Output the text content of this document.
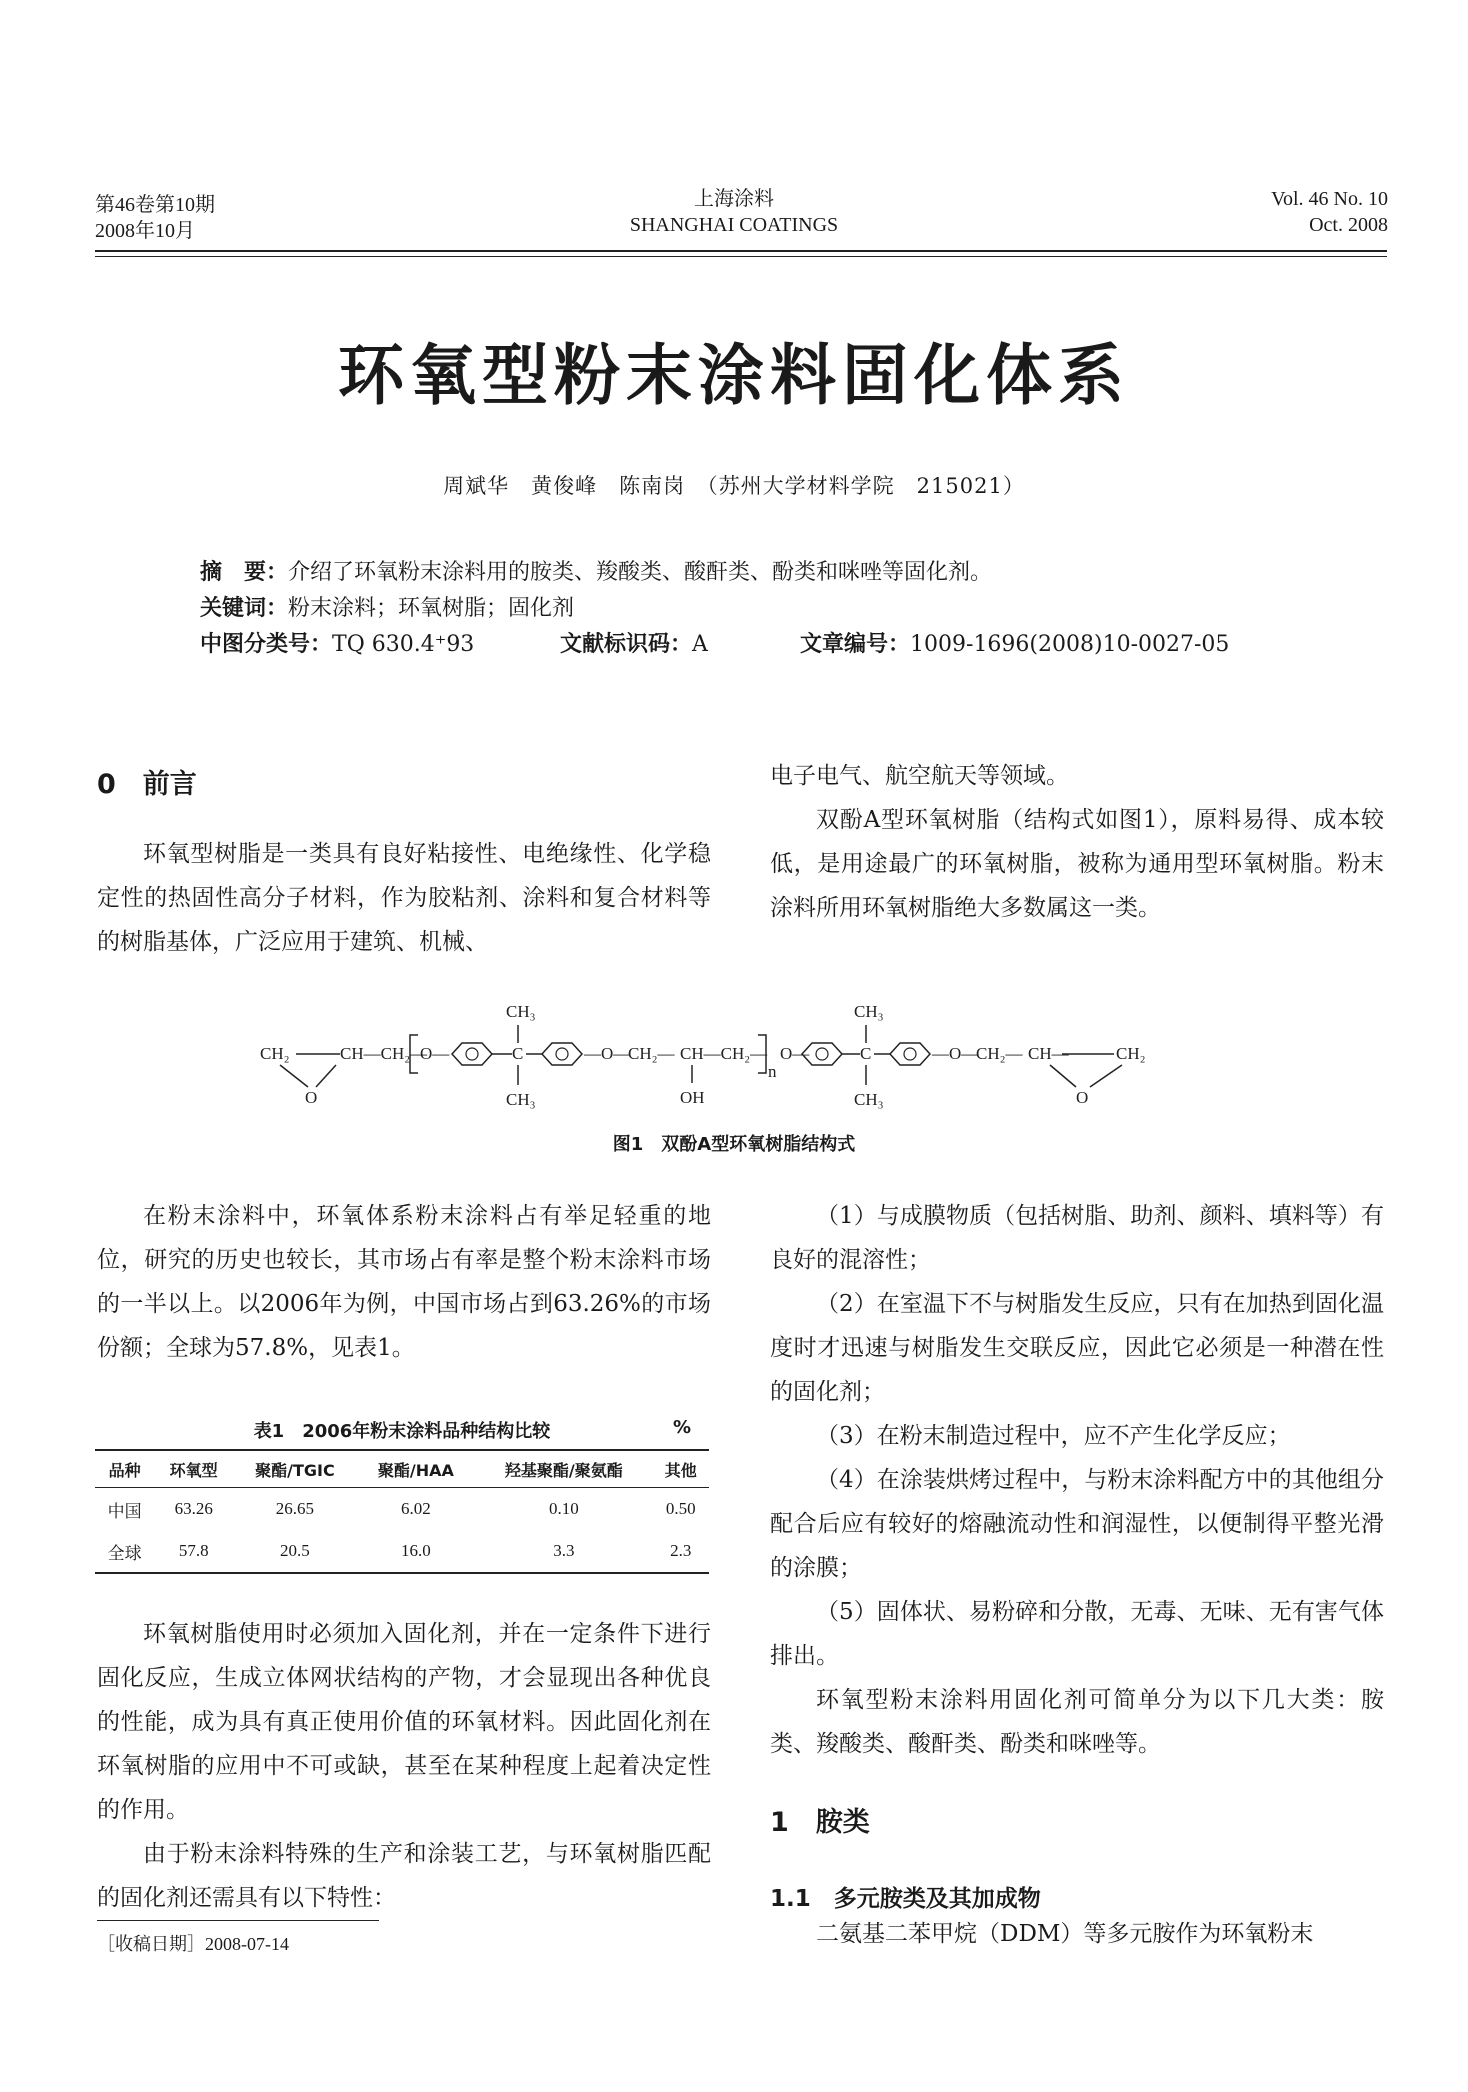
第46卷第10期
2008年10月
上海涂料
SHANGHAI COATINGS
Vol. 46 No. 10
Oct. 2008
环氧型粉末涂料固化体系
周斌华　黄俊峰　陈南岗　（苏州大学材料学院　215021）
摘　要：介绍了环氧粉末涂料用的胺类、羧酸类、酸酐类、酚类和咪唑等固化剂。
关键词：粉末涂料；环氧树脂；固化剂
中图分类号：TQ 630.4⁺93	文献标识码：A	文章编号：1009-1696(2008)10-0027-05
0　前言

环氧型树脂是一类具有良好粘接性、电绝缘性、化学稳定性的热固性高分子材料，作为胶粘剂、涂料和复合材料等的树脂基体，广泛应用于建筑、机械、

电子电气、航空航天等领域。

双酚A型环氧树脂（结构式如图1），原料易得、成本较低，是用途最广的环氧树脂，被称为通用型环氧树脂。粉末涂料所用环氧树脂绝大多数属这一类。

CH₂	CH—CH₂—
O
O—	C
CH₃
CH₃
—O—
CH₂— CH—CH₂—
OH
n
O—	C
CH₃
CH₃
—O—
CH₂— CH—	CH₂
O
图1　双酚A型环氧树脂结构式

在粉末涂料中，环氧体系粉末涂料占有举足轻重的地位，研究的历史也较长，其市场占有率是整个粉末涂料市场的一半以上。以2006年为例，中国市场占到63.26%的市场份额；全球为57.8%，见表1。

表1　2006年粉末涂料品种结构比较	%
品种	环氧型	聚酯/TGIC	聚酯/HAA	羟基聚酯/聚氨酯	其他
中国	63.26	26.65	6.02	0.10	0.50
全球	57.8	20.5	16.0	3.3	2.3

环氧树脂使用时必须加入固化剂，并在一定条件下进行固化反应，生成立体网状结构的产物，才会显现出各种优良的性能，成为具有真正使用价值的环氧材料。因此固化剂在环氧树脂的应用中不可或缺，甚至在某种程度上起着决定性的作用。

由于粉末涂料特殊的生产和涂装工艺，与环氧树脂匹配的固化剂还需具有以下特性：

［收稿日期］2008-07-14

（1）与成膜物质（包括树脂、助剂、颜料、填料等）有良好的混溶性；

（2）在室温下不与树脂发生反应，只有在加热到固化温度时才迅速与树脂发生交联反应，因此它必须是一种潜在性的固化剂；

（3）在粉末制造过程中，应不产生化学反应；

（4）在涂装烘烤过程中，与粉末涂料配方中的其他组分配合后应有较好的熔融流动性和润湿性，以便制得平整光滑的涂膜；

（5）固体状、易粉碎和分散，无毒、无味、无有害气体排出。

环氧型粉末涂料用固化剂可简单分为以下几大类：胺类、羧酸类、酸酐类、酚类和咪唑等。

1　胺类
1.1　多元胺类及其加成物

二氨基二苯甲烷（DDM）等多元胺作为环氧粉末
